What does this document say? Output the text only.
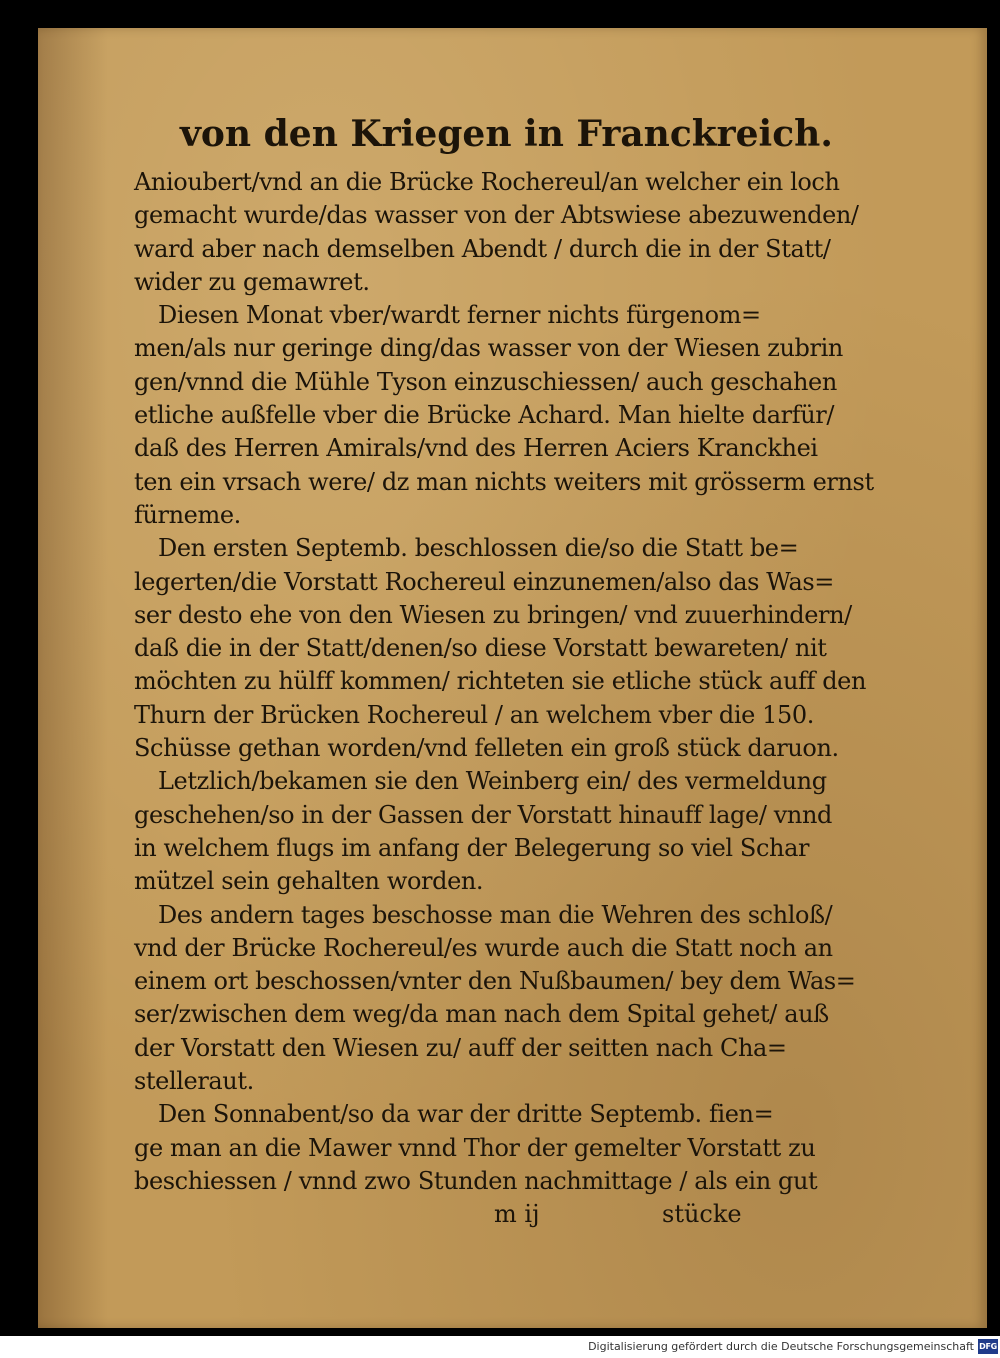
von den Kriegen in Franckreich.
Anioubert/vnd an die Brücke Rochereul/an welcher ein loch
gemacht wurde/das wasser von der Abtswiese abezuwenden/
ward aber nach demselben Abendt / durch die in der Statt/
wider zu gemawret.
Diesen Monat vber/wardt ferner nichts fürgenom=
men/als nur geringe ding/das wasser von der Wiesen zubrin
gen/vnnd die Mühle Tyson einzuschiessen/ auch geschahen
etliche außfelle vber die Brücke Achard. Man hielte darfür/
daß des Herren Amirals/vnd des Herren Aciers Kranckhei
ten ein vrsach were/ dz man nichts weiters mit grösserm ernst
fürneme.
Den ersten Septemb. beschlossen die/so die Statt be=
legerten/die Vorstatt Rochereul einzunemen/also das Was=
ser desto ehe von den Wiesen zu bringen/ vnd zuuerhindern/
daß die in der Statt/denen/so diese Vorstatt bewareten/ nit
möchten zu hülff kommen/ richteten sie etliche stück auff den
Thurn der Brücken Rochereul / an welchem vber die 150.
Schüsse gethan worden/vnd felleten ein groß stück daruon.
Letzlich/bekamen sie den Weinberg ein/ des vermeldung
geschehen/so in der Gassen der Vorstatt hinauff lage/ vnnd
in welchem flugs im anfang der Belegerung so viel Schar
mützel sein gehalten worden.
Des andern tages beschosse man die Wehren des schloß/
vnd der Brücke Rochereul/es wurde auch die Statt noch an
einem ort beschossen/vnter den Nußbaumen/ bey dem Was=
ser/zwischen dem weg/da man nach dem Spital gehet/ auß
der Vorstatt den Wiesen zu/ auff der seitten nach Cha=
stelleraut.
Den Sonnabent/so da war der dritte Septemb. fien=
ge man an die Mawer vnnd Thor der gemelter Vorstatt zu
beschiessen / vnnd zwo Stunden nachmittage / als ein gut
m ij	stücke
Digitalisierung gefördert durch die Deutsche Forschungsgemeinschaft DFG
